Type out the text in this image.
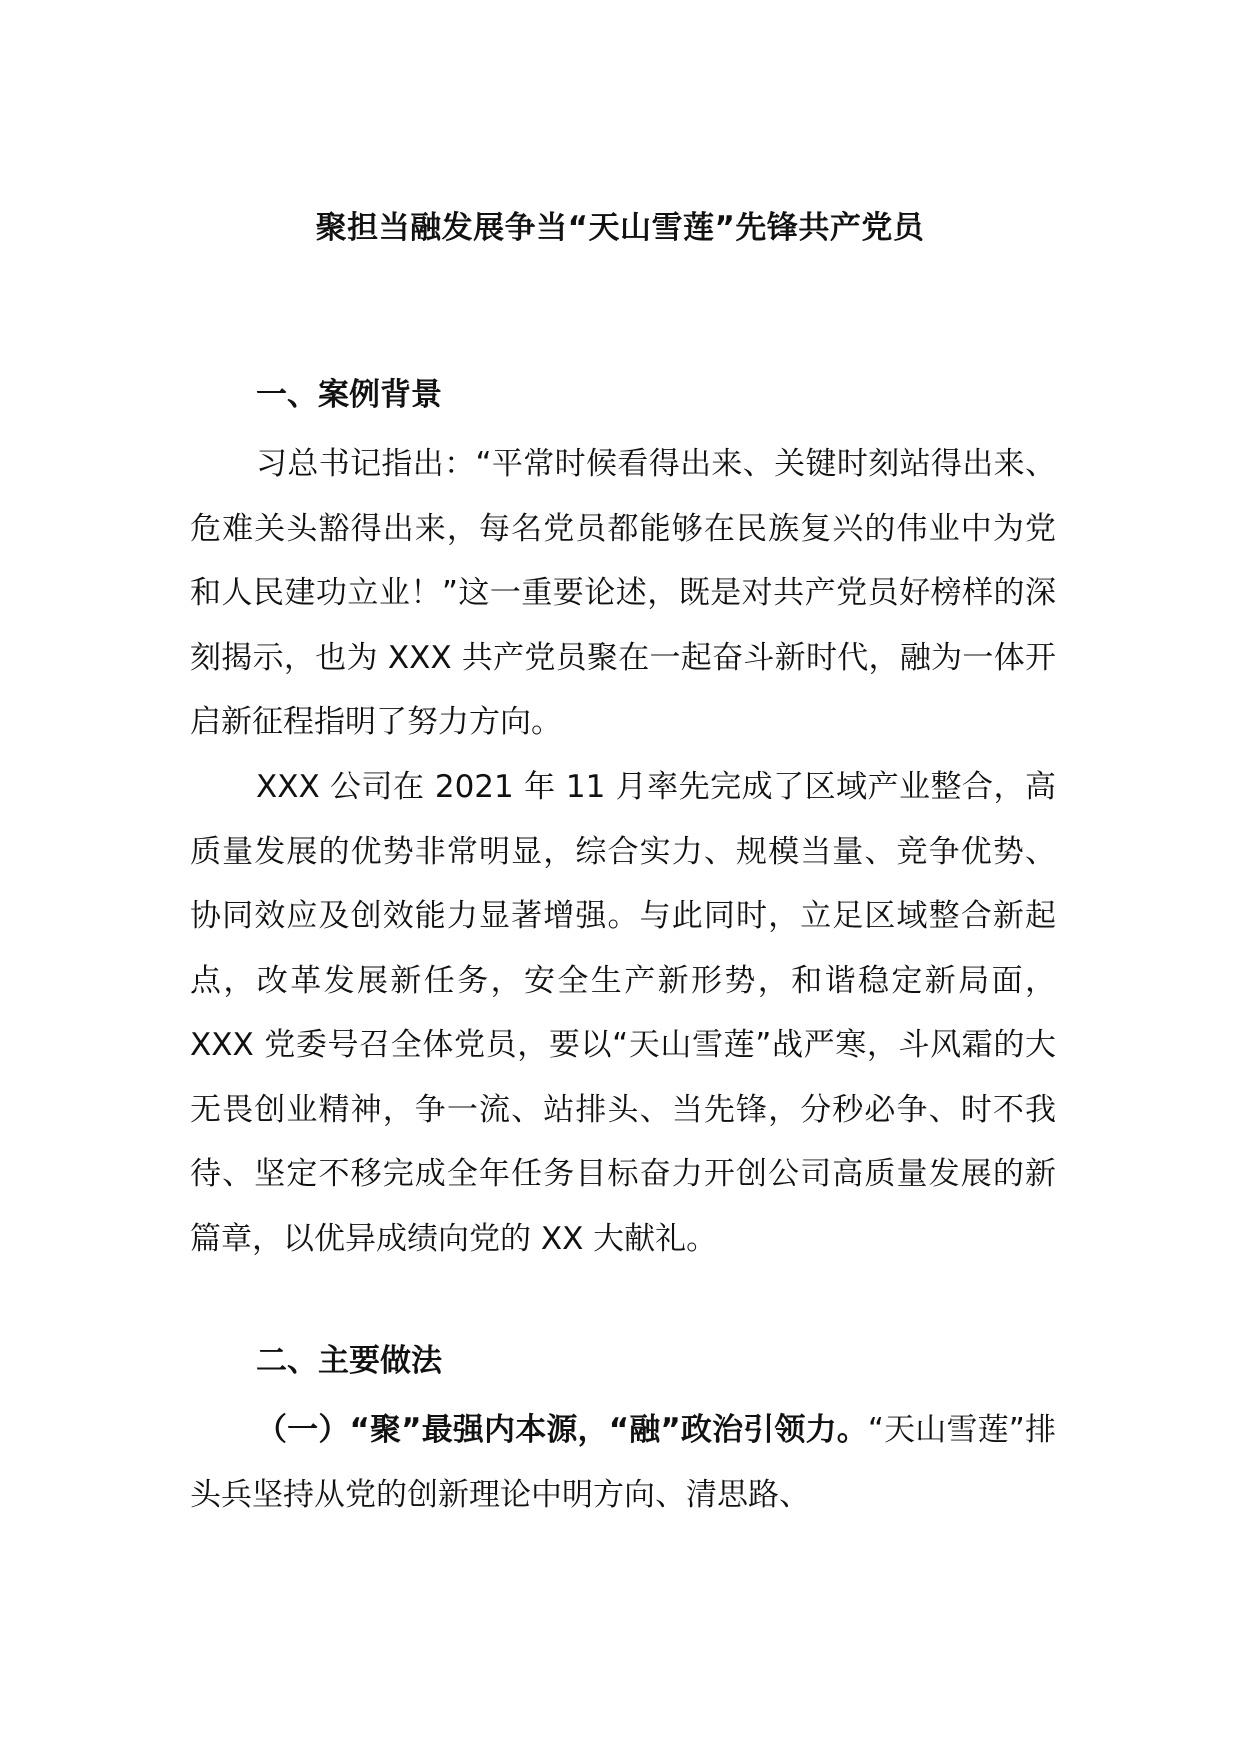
聚担当融发展争当“天山雪莲”先锋共产党员
一、案例背景

习总书记指出：“平常时候看得出来、关键时刻站得出来、危难关头豁得出来，每名党员都能够在民族复兴的伟业中为党和人民建功立业！”这一重要论述，既是对共产党员好榜样的深刻揭示，也为 XXX 共产党员聚在一起奋斗新时代，融为一体开启新征程指明了努力方向。

XXX 公司在 2021 年 11 月率先完成了区域产业整合，高质量发展的优势非常明显，综合实力、规模当量、竞争优势、协同效应及创效能力显著增强。与此同时，立足区域整合新起点，改革发展新任务，安全生产新形势，和谐稳定新局面，XXX 党委号召全体党员，要以“天山雪莲”战严寒，斗风霜的大无畏创业精神，争一流、站排头、当先锋，分秒必争、时不我待、坚定不移完成全年任务目标奋力开创公司高质量发展的新篇章，以优异成绩向党的 XX 大献礼。

二、主要做法

（一）“聚”最强内本源，“融”政治引领力。“天山雪莲”排头兵坚持从党的创新理论中明方向、清思路、
